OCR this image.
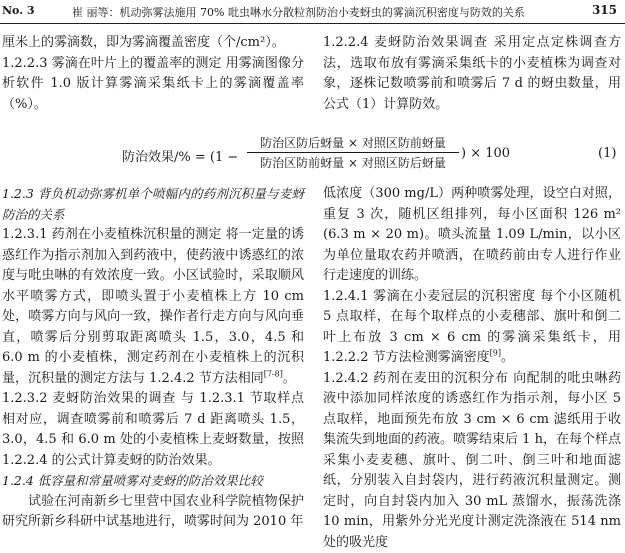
No. 3	崔 丽等：机动弥雾法施用 70% 吡虫啉水分散粒剂防治小麦蚜虫的雾滴沉积密度与防效的关系	315

厘米上的雾滴数，即为雾滴覆盖密度（个/cm²）。

1.2.2.3 雾滴在叶片上的覆盖率的测定 用雾滴图像分析软件 1.0 版计算雾滴采集纸卡上的雾滴覆盖率（%）。

1.2.2.4 麦蚜防治效果调查 采用定点定株调查方法，选取布放有雾滴采集纸卡的小麦植株为调查对象，逐株记数喷雾前和喷雾后 7 d 的蚜虫数量，用公式（1）计算防效。

防治效果/% = (1 −
防治区防后蚜量 × 对照区防前蚜量
防治区防前蚜量 × 对照区防后蚜量
) × 100	(1)

1.2.3 背负机动弥雾机单个喷幅内的药剂沉积量与麦蚜防治的关系

1.2.3.1 药剂在小麦植株沉积量的测定 将一定量的诱惑红作为指示剂加入到药液中，使药液中诱惑红的浓度与吡虫啉的有效浓度一致。小区试验时，采取顺风水平喷雾方式，即喷头置于小麦植株上方 10 cm 处，喷雾方向与风向一致，操作者行走方向与风向垂直，喷雾后分别剪取距离喷头 1.5，3.0，4.5 和 6.0 m 的小麦植株，测定药剂在小麦植株上的沉积量，沉积量的测定方法与 1.2.4.2 节方法相同[7-8]。

1.2.3.2 麦蚜防治效果的调查 与 1.2.3.1 节取样点相对应，调查喷雾前和喷雾后 7 d 距离喷头 1.5，3.0，4.5 和 6.0 m 处的小麦植株上麦蚜数量，按照 1.2.2.4 的公式计算麦蚜的防治效果。

1.2.4 低容量和常量喷雾对麦蚜的防治效果比较

试验在河南新乡七里营中国农业科学院植物保护研究所新乡科研中试基地进行，喷雾时间为 2010 年

低浓度（300 mg/L）两种喷雾处理，设空白对照，重复 3 次，随机区组排列，每小区面积 126 m² (6.3 m × 20 m)。喷头流量 1.09 L/min，以小区为单位量取农药并喷洒，在喷药前由专人进行作业行走速度的训练。

1.2.4.1 雾滴在小麦冠层的沉积密度 每个小区随机 5 点取样，在每个取样点的小麦穗部、旗叶和倒二叶上布放 3 cm × 6 cm 的雾滴采集纸卡，用 1.2.2.2 节方法检测雾滴密度[9]。

1.2.4.2 药剂在麦田的沉积分布 向配制的吡虫啉药液中添加同样浓度的诱惑红作为指示剂，每小区 5 点取样，地面预先布放 3 cm × 6 cm 滤纸用于收集流失到地面的药液。喷雾结束后 1 h，在每个样点采集小麦麦穗、旗叶、倒二叶、倒三叶和地面滤纸，分别装入自封袋内，进行药液沉积量测定。测定时，向自封袋内加入 30 mL 蒸馏水，振荡洗涤 10 min，用紫外分光光度计测定洗涤液在 514 nm 处的吸光度
